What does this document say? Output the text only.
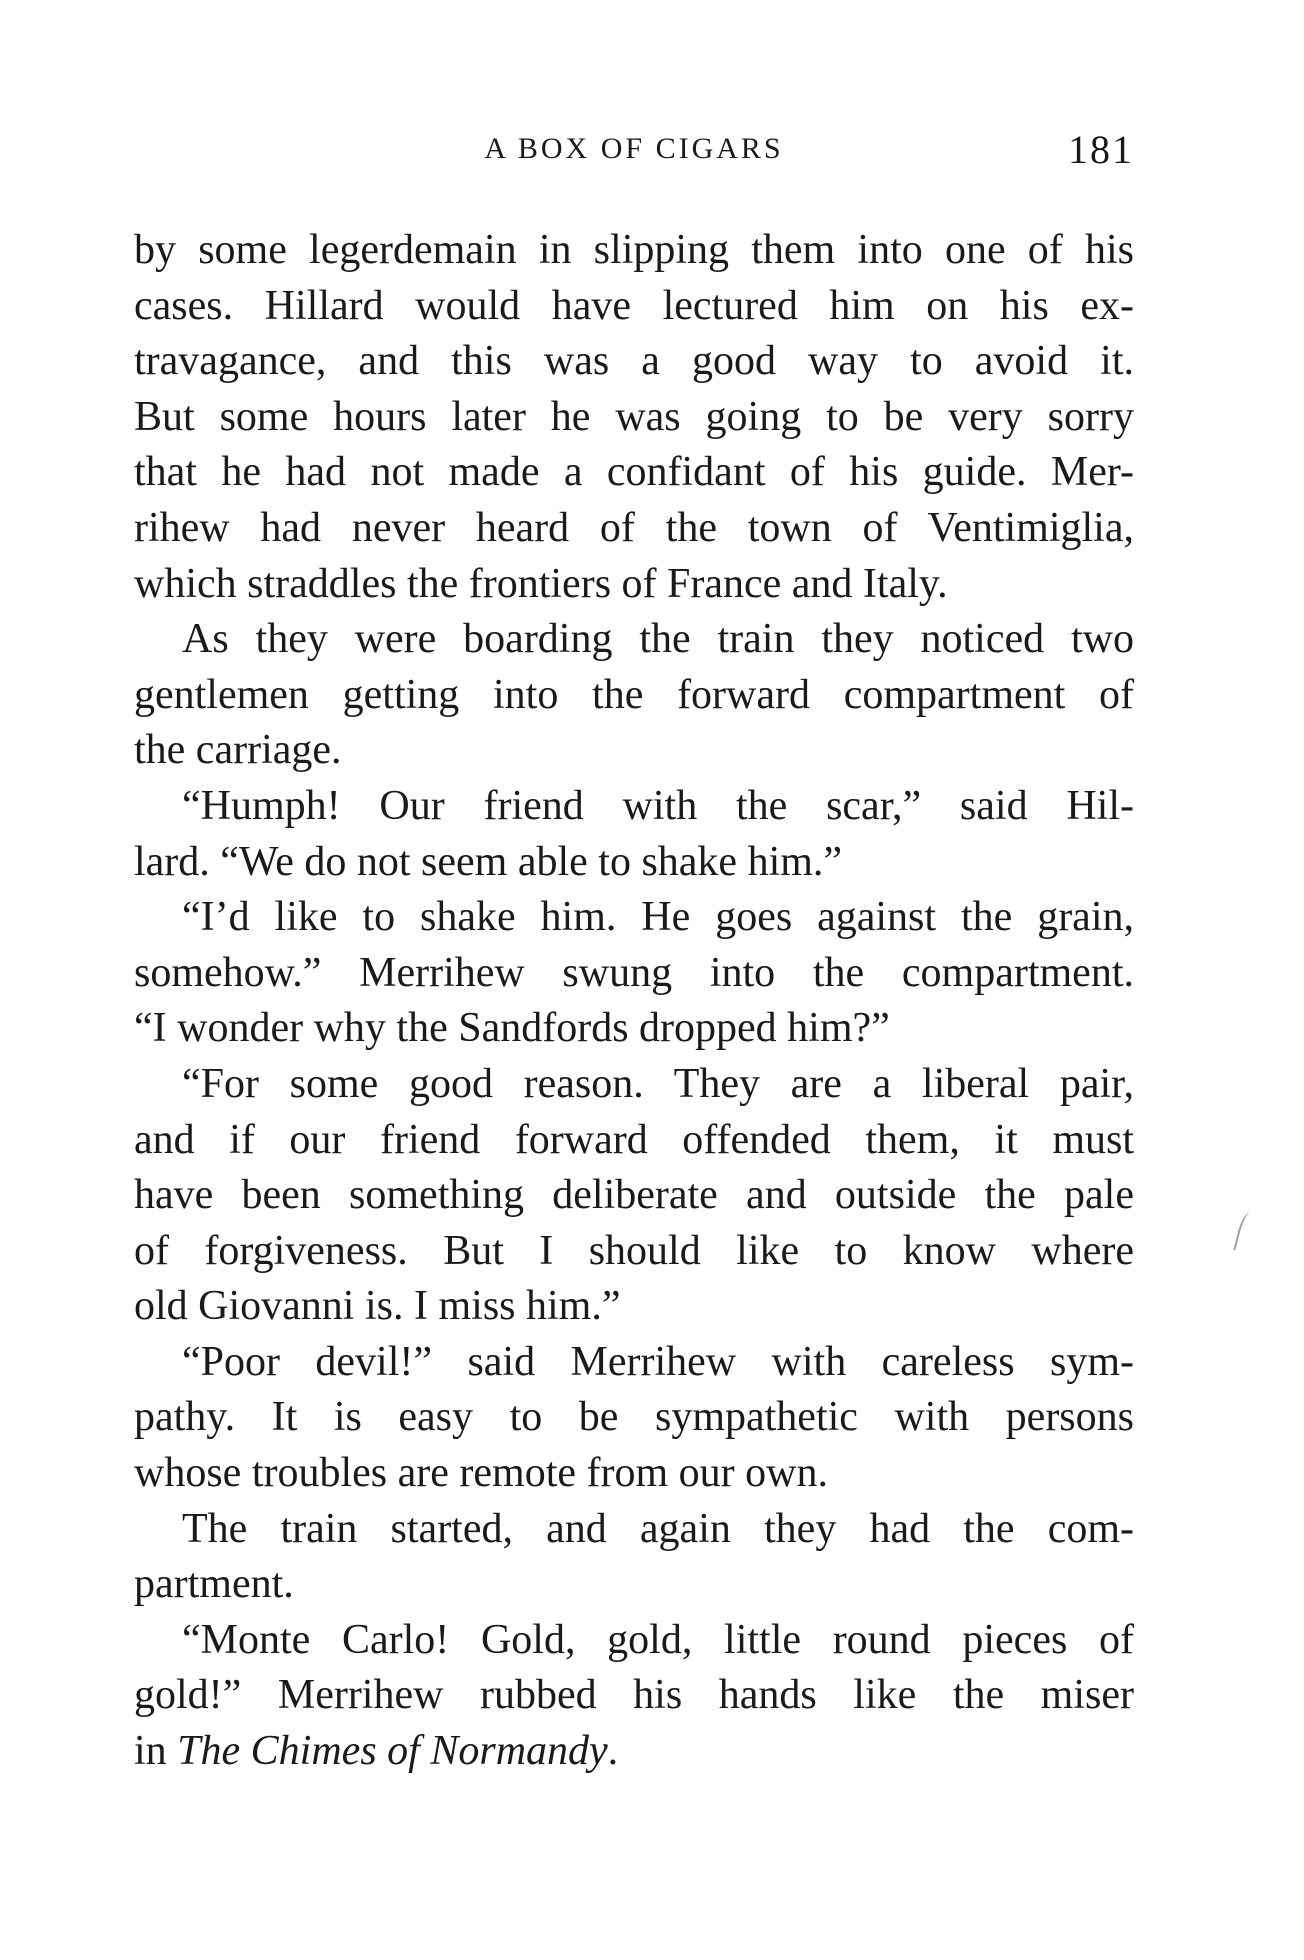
A BOX OF CIGARS	181
by some legerdemain in slipping them into one of his
cases. Hillard would have lectured him on his ex-
travagance, and this was a good way to avoid it.
But some hours later he was going to be very sorry
that he had not made a confidant of his guide. Mer-
rihew had never heard of the town of Ventimiglia,
which straddles the frontiers of France and Italy.
As they were boarding the train they noticed two
gentlemen getting into the forward compartment of
the carriage.
“Humph! Our friend with the scar,” said Hil-
lard. “We do not seem able to shake him.”
“I’d like to shake him. He goes against the grain,
somehow.” Merrihew swung into the compartment.
“I wonder why the Sandfords dropped him?”
“For some good reason. They are a liberal pair,
and if our friend forward offended them, it must
have been something deliberate and outside the pale
of forgiveness. But I should like to know where
old Giovanni is. I miss him.”
“Poor devil!” said Merrihew with careless sym-
pathy. It is easy to be sympathetic with persons
whose troubles are remote from our own.
The train started, and again they had the com-
partment.
“Monte Carlo! Gold, gold, little round pieces of
gold!” Merrihew rubbed his hands like the miser
in The Chimes of Normandy.
